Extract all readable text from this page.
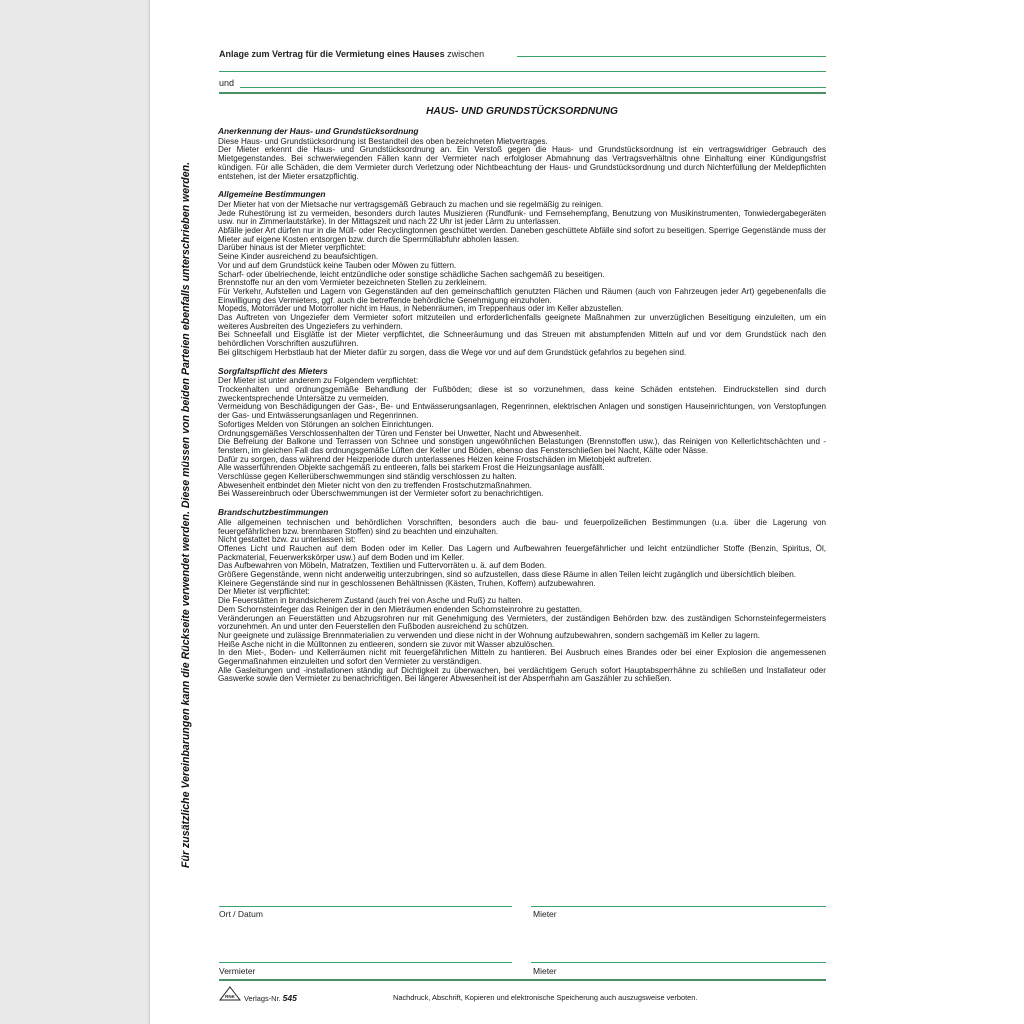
Für zusätzliche Vereinbarungen kann die Rückseite verwendet werden. Diese müssen von beiden Parteien ebenfalls unterschrieben werden.
Anlage zum Vertrag für die Vermietung eines Hauses zwischen
und
HAUS- UND GRUNDSTÜCKSORDNUNG
Anerkennung der Haus- und Grundstücksordnung

Diese Haus- und Grundstücksordnung ist Bestandteil des oben bezeichneten Mietvertrages.

Der Mieter erkennt die Haus- und Grundstücksordnung an. Ein Verstoß gegen die Haus- und Grundstücksordnung ist ein vertragswidriger Gebrauch des Mietgegenstandes. Bei schwerwiegenden Fällen kann der Vermieter nach erfolgloser Abmahnung das Vertragsverhältnis ohne Einhaltung einer Kündigungsfrist kündigen. Für alle Schäden, die dem Vermieter durch Verletzung oder Nichtbeachtung der Haus- und Grundstücksordnung und durch Nichterfüllung der Meldepflichten entstehen, ist der Mieter ersatzpflichtig.

Allgemeine Bestimmungen

Der Mieter hat von der Mietsache nur vertragsgemäß Gebrauch zu machen und sie regelmäßig zu reinigen.

Jede Ruhestörung ist zu vermeiden, besonders durch lautes Musizieren (Rundfunk- und Fernsehempfang, Benutzung von Musikinstrumenten, Tonwiedergabegeräten usw. nur in Zimmerlautstärke). In der Mittagszeit und nach 22 Uhr ist jeder Lärm zu unterlassen.

Abfälle jeder Art dürfen nur in die Müll- oder Recyclingtonnen geschüttet werden. Daneben geschüttete Abfälle sind sofort zu beseitigen. Sperrige Gegenstände muss der Mieter auf eigene Kosten entsorgen bzw. durch die Sperrmüllabfuhr abholen lassen.

Darüber hinaus ist der Mieter verpflichtet:

Seine Kinder ausreichend zu beaufsichtigen.

Vor und auf dem Grundstück keine Tauben oder Möwen zu füttern.

Scharf- oder übelriechende, leicht entzündliche oder sonstige schädliche Sachen sachgemäß zu beseitigen.

Brennstoffe nur an den vom Vermieter bezeichneten Stellen zu zerkleinern.

Für Verkehr, Aufstellen und Lagern von Gegenständen auf den gemeinschaftlich genutzten Flächen und Räumen (auch von Fahrzeugen jeder Art) gegebenenfalls die Einwilligung des Vermieters, ggf. auch die betreffende behördliche Genehmigung einzuholen.

Mopeds, Motorräder und Motorroller nicht im Haus, in Nebenräumen, im Treppenhaus oder im Keller abzustellen.

Das Auftreten von Ungeziefer dem Vermieter sofort mitzuteilen und erforderlichenfalls geeignete Maßnahmen zur unverzüglichen Beseitigung einzuleiten, um ein weiteres Ausbreiten des Ungeziefers zu verhindern.

Bei Schneefall und Eisglätte ist der Mieter verpflichtet, die Schneeräumung und das Streuen mit abstumpfenden Mitteln auf und vor dem Grundstück nach den behördlichen Vorschriften auszuführen.

Bei glitschigem Herbstlaub hat der Mieter dafür zu sorgen, dass die Wege vor und auf dem Grundstück gefahrlos zu begehen sind.

Sorgfaltspflicht des Mieters

Der Mieter ist unter anderem zu Folgendem verpflichtet:

Trockenhalten und ordnungsgemäße Behandlung der Fußböden; diese ist so vorzunehmen, dass keine Schäden entstehen. Eindruckstellen sind durch zweckentsprechende Untersätze zu vermeiden.

Vermeidung von Beschädigungen der Gas-, Be- und Entwässerungsanlagen, Regenrinnen, elektrischen Anlagen und sonstigen Hauseinrichtungen, von Verstopfungen der Gas- und Entwässerungsanlagen und Regenrinnen.

Sofortiges Melden von Störungen an solchen Einrichtungen.

Ordnungsgemäßes Verschlossenhalten der Türen und Fenster bei Unwetter, Nacht und Abwesenheit.

Die Befreiung der Balkone und Terrassen von Schnee und sonstigen ungewöhnlichen Belastungen (Brennstoffen usw.), das Reinigen von Kellerlichtschächten und -fenstern, im gleichen Fall das ordnungsgemäße Lüften der Keller und Böden, ebenso das Fensterschließen bei Nacht, Kälte oder Nässe.

Dafür zu sorgen, dass während der Heizperiode durch unterlassenes Heizen keine Frostschäden im Mietobjekt auftreten.

Alle wasserführenden Objekte sachgemäß zu entleeren, falls bei starkem Frost die Heizungsanlage ausfällt.

Verschlüsse gegen Kellerüberschwemmungen sind ständig verschlossen zu halten.

Abwesenheit entbindet den Mieter nicht von den zu treffenden Frostschutzmaßnahmen.

Bei Wassereinbruch oder Überschwemmungen ist der Vermieter sofort zu benachrichtigen.

Brandschutzbestimmungen

Alle allgemeinen technischen und behördlichen Vorschriften, besonders auch die bau- und feuerpolizeilichen Bestimmungen (u.a. über die Lagerung von feuergefährlichen bzw. brennbaren Stoffen) sind zu beachten und einzuhalten.

Nicht gestattet bzw. zu unterlassen ist:

Offenes Licht und Rauchen auf dem Boden oder im Keller. Das Lagern und Aufbewahren feuergefährlicher und leicht entzündlicher Stoffe (Benzin, Spiritus, Öl, Packmaterial, Feuerwerkskörper usw.) auf dem Boden und im Keller.

Das Aufbewahren von Möbeln, Matratzen, Textilien und Futtervorräten u. ä. auf dem Boden.

Größere Gegenstände, wenn nicht anderweitig unterzubringen, sind so aufzustellen, dass diese Räume in allen Teilen leicht zugänglich und übersichtlich bleiben.

Kleinere Gegenstände sind nur in geschlossenen Behältnissen (Kästen, Truhen, Koffern) aufzubewahren.

Der Mieter ist verpflichtet:

Die Feuerstätten in brandsicherem Zustand (auch frei von Asche und Ruß) zu halten.

Dem Schornsteinfeger das Reinigen der in den Mieträumen endenden Schornsteinrohre zu gestatten.

Veränderungen an Feuerstätten und Abzugsrohren nur mit Genehmigung des Vermieters, der zuständigen Behörden bzw. des zuständigen Schornsteinfegermeisters vorzunehmen. An und unter den Feuerstellen den Fußboden ausreichend zu schützen.

Nur geeignete und zulässige Brennmaterialien zu verwenden und diese nicht in der Wohnung aufzubewahren, sondern sachgemäß im Keller zu lagern.

Heiße Asche nicht in die Mülltonnen zu entleeren, sondern sie zuvor mit Wasser abzulöschen.

In den Miet-, Boden- und Kellerräumen nicht mit feuergefährlichen Mitteln zu hantieren. Bei Ausbruch eines Brandes oder bei einer Explosion die angemessenen Gegenmaßnahmen einzuleiten und sofort den Vermieter zu verständigen.

Alle Gasleitungen und -installationen ständig auf Dichtigkeit zu überwachen, bei verdächtigem Geruch sofort Hauptabsperrhähne zu schließen und Installateur oder Gaswerke sowie den Vermieter zu benachrichtigen. Bei längerer Abwesenheit ist der Absperrhahn am Gaszähler zu schließen.

Ort / Datum	Mieter
Vermieter	Mieter
RNK Verlags-Nr. 545	Nachdruck, Abschrift, Kopieren und elektronische Speicherung auch auszugsweise verboten.
